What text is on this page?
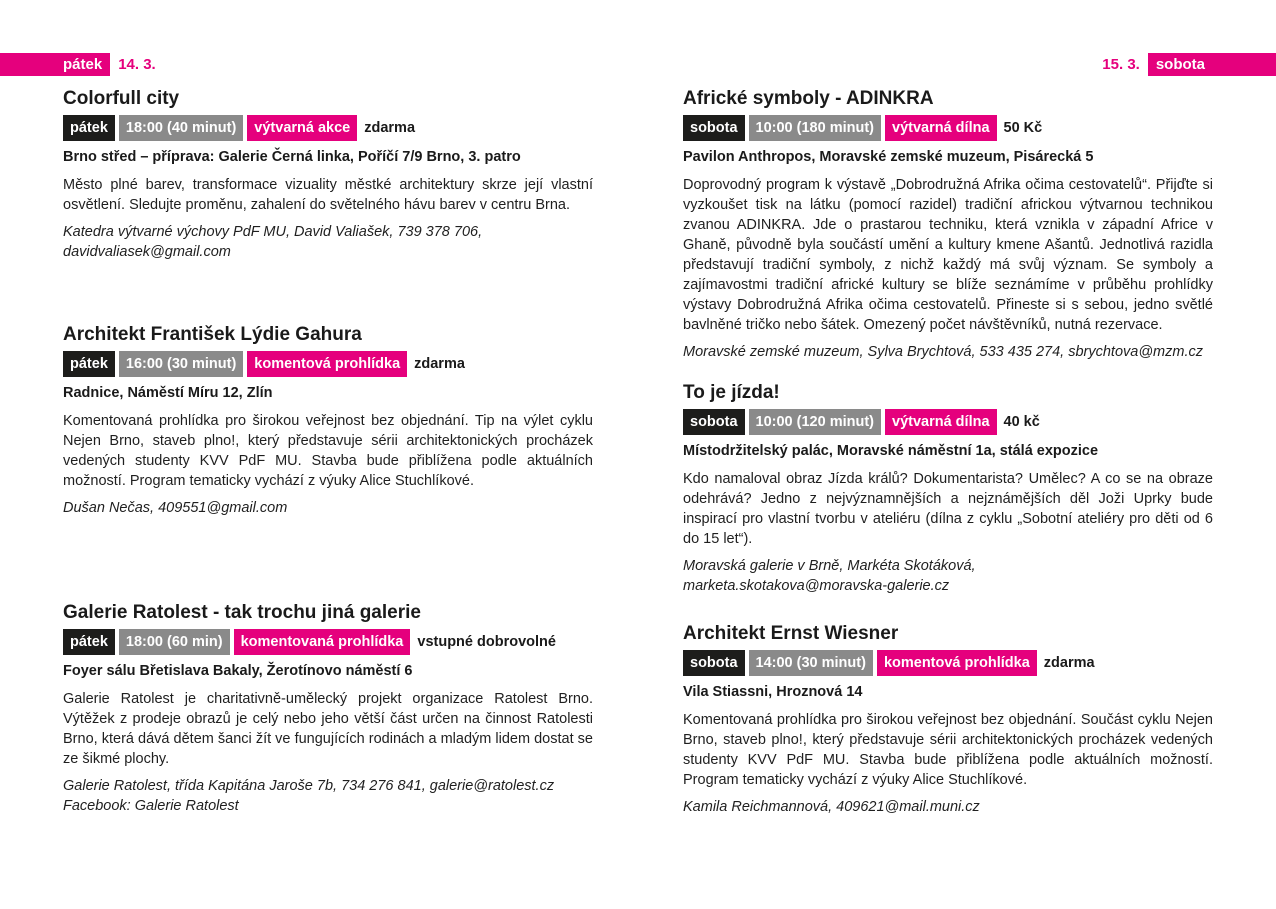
pátek	14. 3.	15. 3.	sobota
Colorfull city
pátek	18:00 (40 minut)	výtvarná akce zdarma
Brno střed – příprava: Galerie Černá linka, Poříčí 7/9 Brno, 3. patro
Město plné barev, transformace vizuality městké architektury skrze její vlastní osvětlení. Sledujte proměnu, zahalení do světelného hávu barev v centru Brna.
Katedra výtvarné výchovy PdF MU, David Valiašek, 739 378 706,
davidvaliasek@gmail.com
Architekt František Lýdie Gahura
pátek	16:00 (30 minut)	komentová prohlídka zdarma
Radnice, Náměstí Míru 12, Zlín
Komentovaná prohlídka pro širokou veřejnost bez objednání. Tip na výlet cyklu Nejen Brno, staveb plno!, který představuje sérii architektonických procházek vedených studenty KVV PdF MU. Stavba bude přiblížena podle aktuálních možností. Program tematicky vychází z výuky Alice Stuchlíkové.
Dušan Nečas, 409551@gmail.com
Galerie Ratolest - tak trochu jiná galerie
pátek	18:00 (60 min)	komentovaná prohlídka vstupné dobrovolné
Foyer sálu Břetislava Bakaly, Žerotínovo náměstí 6
Galerie Ratolest je charitativně-umělecký projekt organizace Ratolest Brno. Výtěžek z prodeje obrazů je celý nebo jeho větší část určen na činnost Ratolesti Brno, která dává dětem šanci žít ve fungujících rodinách a mladým lidem dostat se ze šikmé plochy.
Galerie Ratolest, třída Kapitána Jaroše 7b, 734 276 841, galerie@ratolest.cz
Facebook: Galerie Ratolest
Africké symboly - ADINKRA
sobota	10:00 (180 minut)	výtvarná dílna 50 Kč
Pavilon Anthropos, Moravské zemské muzeum, Pisárecká 5
Doprovodný program k výstavě „Dobrodružná Afrika očima cestovatelů“. Přijďte si vyzkoušet tisk na látku (pomocí razidel) tradiční africkou výtvarnou technikou zvanou ADINKRA. Jde o prastarou techniku, která vznikla v západní Africe v Ghaně, původně byla součástí umění a kultury kmene Ašantů. Jednotlivá razidla představují tradiční symboly, z nichž každý má svůj význam. Se symboly a zajímavostmi tradiční africké kultury se blíže seznámíme v průběhu prohlídky výstavy Dobrodružná Afrika očima cestovatelů. Přineste si s sebou, jedno světlé bavlněné tričko nebo šátek. Omezený počet návštěvníků, nutná rezervace.
Moravské zemské muzeum, Sylva Brychtová, 533 435 274, sbrychtova@mzm.cz
To je jízda!
sobota	10:00 (120 minut)	výtvarná dílna 40 kč
Místodržitelský palác, Moravské náměstní 1a, stálá expozice
Kdo namaloval obraz Jízda králů? Dokumentarista? Umělec? A co se na obraze odehrává? Jedno z nejvýznamnějších a nejznámějších děl Joži Uprky bude inspirací pro vlastní tvorbu v ateliéru (dílna z cyklu „Sobotní ateliéry pro děti od 6 do 15 let“).
Moravská galerie v Brně, Markéta Skotáková,
marketa.skotakova@moravska-galerie.cz
Architekt Ernst Wiesner
sobota	14:00 (30 minut)	komentová prohlídka zdarma
Vila Stiassni, Hroznová 14
Komentovaná prohlídka pro širokou veřejnost bez objednání. Součást cyklu Nejen Brno, staveb plno!, který představuje sérii architektonických procházek vedených studenty KVV PdF MU. Stavba bude přiblížena podle aktuálních možností. Program tematicky vychází z výuky Alice Stuchlíkové.
Kamila Reichmannová, 409621@mail.muni.cz
